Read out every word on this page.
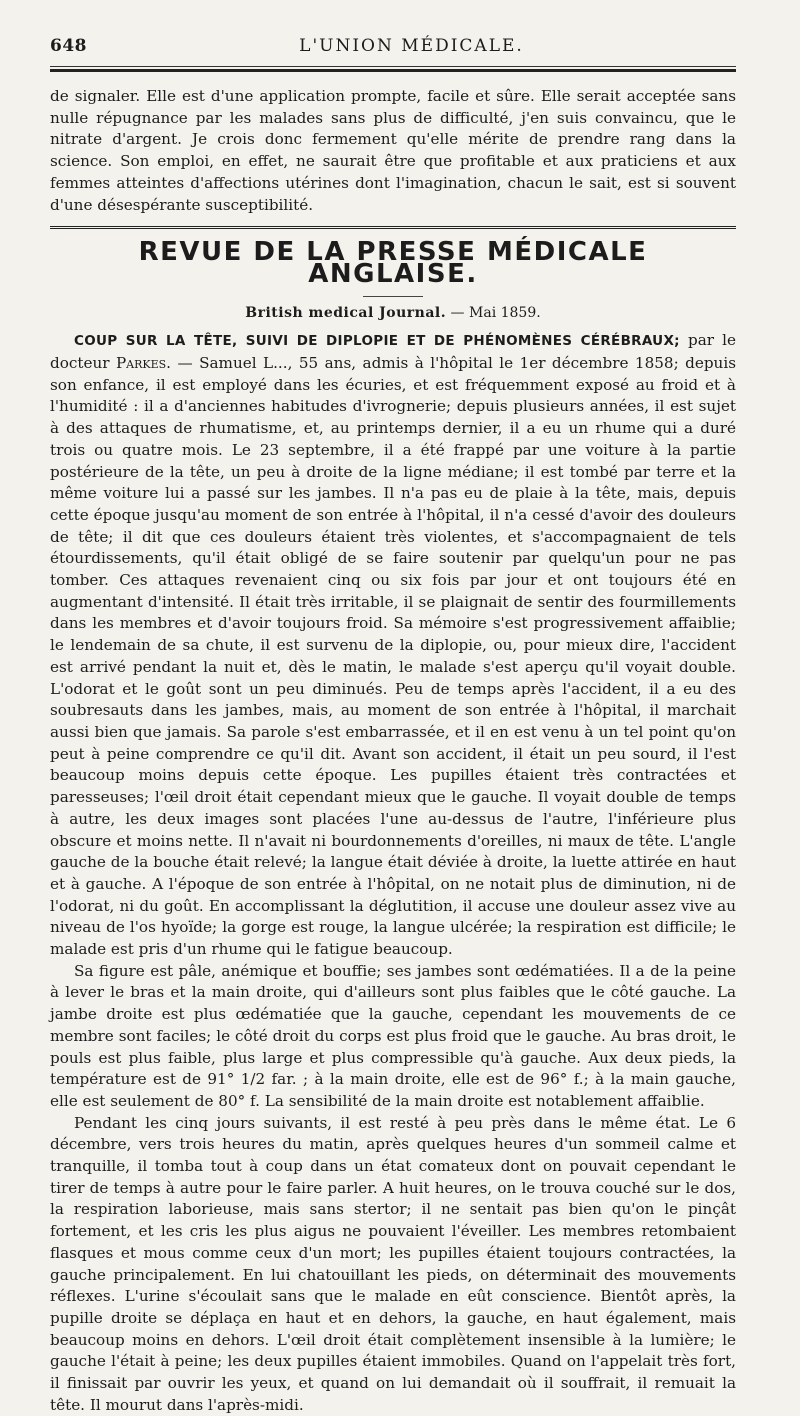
648	L'UNION MÉDICALE.

de signaler. Elle est d'une application prompte, facile et sûre. Elle serait acceptée sans nulle répugnance par les malades sans plus de difficulté, j'en suis convaincu, que le nitrate d'argent. Je crois donc fermement qu'elle mérite de prendre rang dans la science. Son emploi, en effet, ne saurait être que profitable et aux praticiens et aux femmes atteintes d'affections utérines dont l'imagination, chacun le sait, est si souvent d'une désespérante susceptibilité.

REVUE DE LA PRESSE MÉDICALE ANGLAISE.
British medical Journal. — Mai 1859.

COUP SUR LA TÊTE, SUIVI DE DIPLOPIE ET DE PHÉNOMÈNES CÉRÉBRAUX; par le docteur Parkes. — Samuel L..., 55 ans, admis à l'hôpital le 1er décembre 1858; depuis son enfance, il est employé dans les écuries, et est fréquemment exposé au froid et à l'humidité : il a d'anciennes habitudes d'ivrognerie; depuis plusieurs années, il est sujet à des attaques de rhumatisme, et, au printemps dernier, il a eu un rhume qui a duré trois ou quatre mois. Le 23 septembre, il a été frappé par une voiture à la partie postérieure de la tête, un peu à droite de la ligne médiane; il est tombé par terre et la même voiture lui a passé sur les jambes. Il n'a pas eu de plaie à la tête, mais, depuis cette époque jusqu'au moment de son entrée à l'hôpital, il n'a cessé d'avoir des douleurs de tête; il dit que ces douleurs étaient très violentes, et s'accompagnaient de tels étourdissements, qu'il était obligé de se faire soutenir par quelqu'un pour ne pas tomber. Ces attaques revenaient cinq ou six fois par jour et ont toujours été en augmentant d'intensité. Il était très irritable, il se plaignait de sentir des fourmillements dans les membres et d'avoir toujours froid. Sa mémoire s'est progressivement affaiblie; le lendemain de sa chute, il est survenu de la diplopie, ou, pour mieux dire, l'accident est arrivé pendant la nuit et, dès le matin, le malade s'est aperçu qu'il voyait double. L'odorat et le goût sont un peu diminués. Peu de temps après l'accident, il a eu des soubresauts dans les jambes, mais, au moment de son entrée à l'hôpital, il marchait aussi bien que jamais. Sa parole s'est embarrassée, et il en est venu à un tel point qu'on peut à peine comprendre ce qu'il dit. Avant son accident, il était un peu sourd, il l'est beaucoup moins depuis cette époque. Les pupilles étaient très contractées et paresseuses; l'œil droit était cependant mieux que le gauche. Il voyait double de temps à autre, les deux images sont placées l'une au-dessus de l'autre, l'inférieure plus obscure et moins nette. Il n'avait ni bourdonnements d'oreilles, ni maux de tête. L'angle gauche de la bouche était relevé; la langue était déviée à droite, la luette attirée en haut et à gauche. A l'époque de son entrée à l'hôpital, on ne notait plus de diminution, ni de l'odorat, ni du goût. En accomplissant la déglutition, il accuse une douleur assez vive au niveau de l'os hyoïde; la gorge est rouge, la langue ulcérée; la respiration est difficile; le malade est pris d'un rhume qui le fatigue beaucoup.

Sa figure est pâle, anémique et bouffie; ses jambes sont œdématiées. Il a de la peine à lever le bras et la main droite, qui d'ailleurs sont plus faibles que le côté gauche. La jambe droite est plus œdématiée que la gauche, cependant les mouvements de ce membre sont faciles; le côté droit du corps est plus froid que le gauche. Au bras droit, le pouls est plus faible, plus large et plus compressible qu'à gauche. Aux deux pieds, la température est de 91° 1/2 far. ; à la main droite, elle est de 96° f.; à la main gauche, elle est seulement de 80° f. La sensibilité de la main droite est notablement affaiblie.

Pendant les cinq jours suivants, il est resté à peu près dans le même état. Le 6 décembre, vers trois heures du matin, après quelques heures d'un sommeil calme et tranquille, il tomba tout à coup dans un état comateux dont on pouvait cependant le tirer de temps à autre pour le faire parler. A huit heures, on le trouva couché sur le dos, la respiration laborieuse, mais sans stertor; il ne sentait pas bien qu'on le pinçât fortement, et les cris les plus aigus ne pouvaient l'éveiller. Les membres retombaient flasques et mous comme ceux d'un mort; les pupilles étaient toujours contractées, la gauche principalement. En lui chatouillant les pieds, on déterminait des mouvements réflexes. L'urine s'écoulait sans que le malade en eût conscience. Bientôt après, la pupille droite se déplaça en haut et en dehors, la gauche, en haut également, mais beaucoup moins en dehors. L'œil droit était complètement insensible à la lumière; le gauche l'était à peine; les deux pupilles étaient immobiles. Quand on l'appelait très fort, il finissait par ouvrir les yeux, et quand on lui demandait où il souffrait, il remuait la tête. Il mourut dans l'après-midi.
